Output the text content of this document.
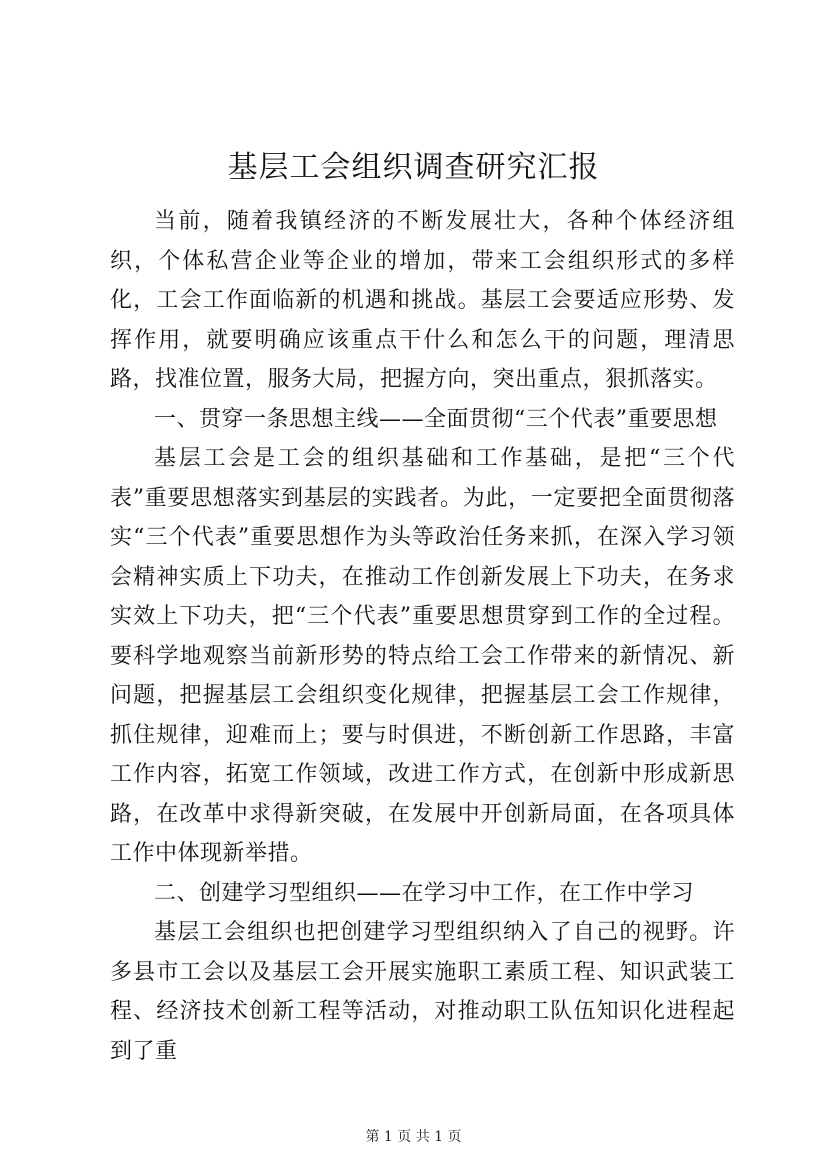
基层工会组织调查研究汇报

当前，随着我镇经济的不断发展壮大，各种个体经济组织，个体私营企业等企业的增加，带来工会组织形式的多样化，工会工作面临新的机遇和挑战。基层工会要适应形势、发挥作用，就要明确应该重点干什么和怎么干的问题，理清思路，找准位置，服务大局，把握方向，突出重点，狠抓落实。

一、贯穿一条思想主线——全面贯彻“三个代表”重要思想

基层工会是工会的组织基础和工作基础，是把“三个代表”重要思想落实到基层的实践者。为此，一定要把全面贯彻落实“三个代表”重要思想作为头等政治任务来抓，在深入学习领会精神实质上下功夫，在推动工作创新发展上下功夫，在务求实效上下功夫，把“三个代表”重要思想贯穿到工作的全过程。要科学地观察当前新形势的特点给工会工作带来的新情况、新问题，把握基层工会组织变化规律，把握基层工会工作规律，抓住规律，迎难而上；要与时俱进，不断创新工作思路，丰富工作内容，拓宽工作领域，改进工作方式，在创新中形成新思路，在改革中求得新突破，在发展中开创新局面，在各项具体工作中体现新举措。

二、创建学习型组织——在学习中工作，在工作中学习

基层工会组织也把创建学习型组织纳入了自己的视野。许多县市工会以及基层工会开展实施职工素质工程、知识武装工程、经济技术创新工程等活动，对推动职工队伍知识化进程起到了重

第 1 页 共 1 页
